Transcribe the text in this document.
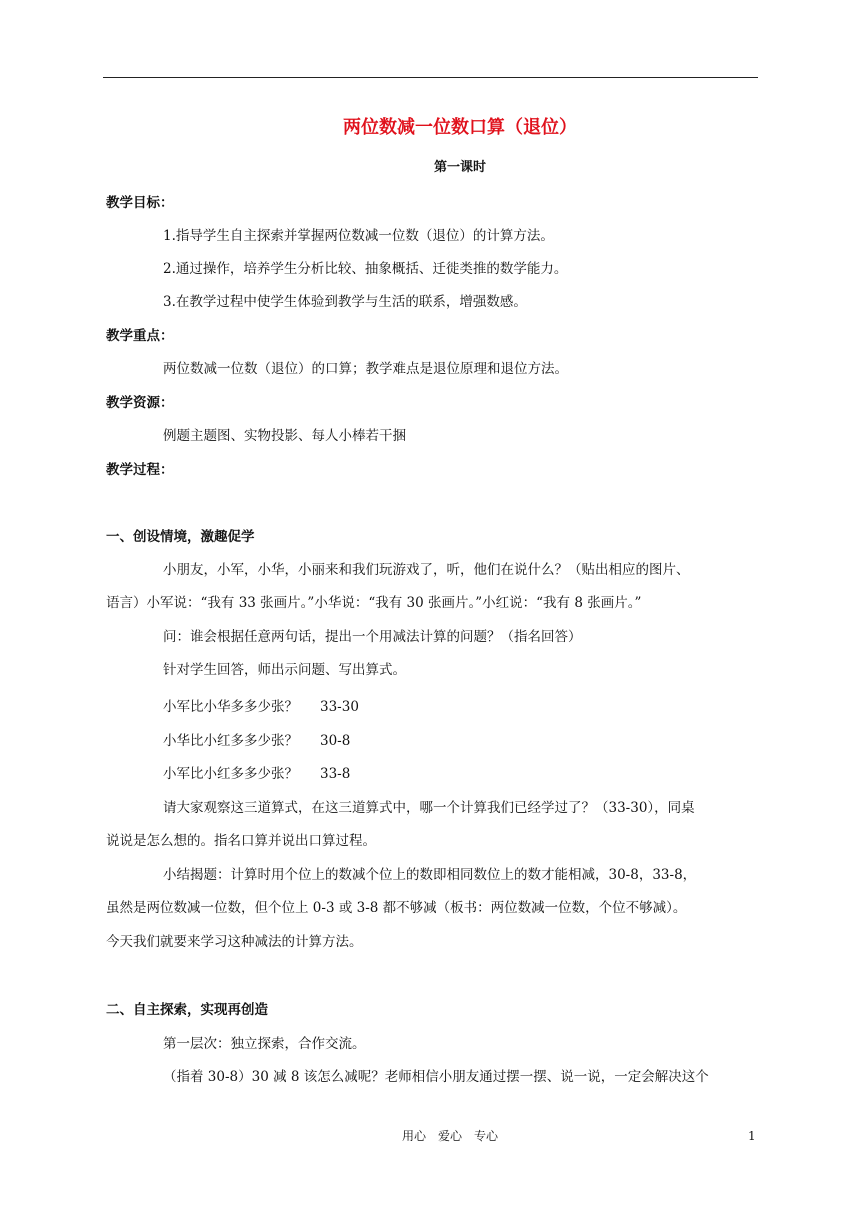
两位数减一位数口算（退位）
第一课时
教学目标：
1.指导学生自主探索并掌握两位数减一位数（退位）的计算方法。
2.通过操作，培养学生分析比较、抽象概括、迁徙类推的数学能力。
3.在教学过程中使学生体验到教学与生活的联系，增强数感。
教学重点：
两位数减一位数（退位）的口算；教学难点是退位原理和退位方法。
教学资源：
例题主题图、实物投影、每人小棒若干捆
教学过程：
一、创设情境，激趣促学
小朋友，小军，小华，小丽来和我们玩游戏了，听，他们在说什么？（贴出相应的图片、
语言）小军说：“我有 33 张画片。”小华说：“我有 30 张画片。”小红说：“我有 8 张画片。”
问：谁会根据任意两句话，提出一个用减法计算的问题？（指名回答）
针对学生回答，师出示问题、写出算式。
小军比小华多多少张？ 33-30
小华比小红多多少张？ 30-8
小军比小红多多少张？ 33-8
请大家观察这三道算式，在这三道算式中，哪一个计算我们已经学过了？（33-30），同桌
说说是怎么想的。指名口算并说出口算过程。
小结揭题：计算时用个位上的数减个位上的数即相同数位上的数才能相减，30-8，33-8，
虽然是两位数减一位数，但个位上 0-3 或 3-8 都不够减（板书：两位数减一位数，个位不够减）。
今天我们就要来学习这种减法的计算方法。
二、自主探索，实现再创造
第一层次：独立探索，合作交流。
（指着 30-8）30 减 8 该怎么减呢？老师相信小朋友通过摆一摆、说一说，一定会解决这个
用心　爱心　专心	1
